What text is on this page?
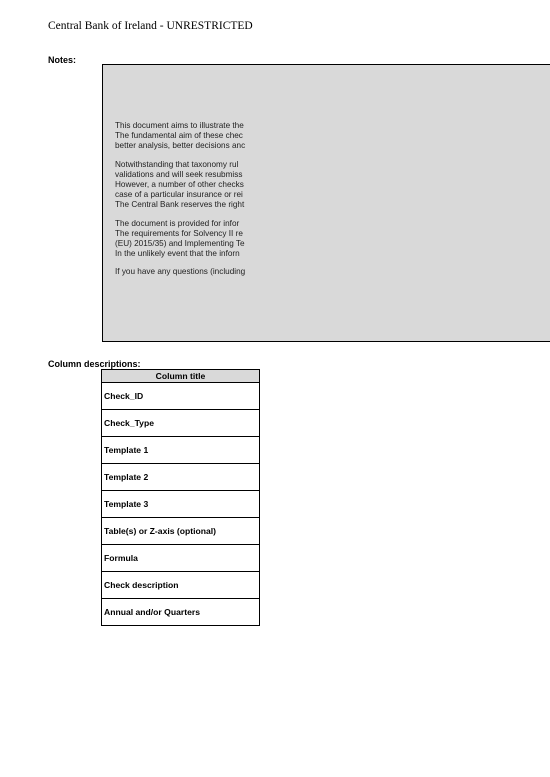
Central Bank of Ireland - UNRESTRICTED
Notes:
This document aims to illustrate the
The fundamental aim of these chec
better analysis, better decisions anc
Notwithstanding that taxonomy rul
validations and will seek resubmiss
However, a number of other checks
case of a particular insurance or rei
The Central Bank reserves the right
The document is provided for infor
The requirements for Solvency II re
(EU) 2015/35) and Implementing Te
In the unlikely event that the inforn
If you have any questions (including
Column descriptions:
Column title
Check_ID
Check_Type
Template 1
Template 2
Template 3
Table(s) or Z-axis (optional)
Formula
Check description
Annual and/or Quarters
